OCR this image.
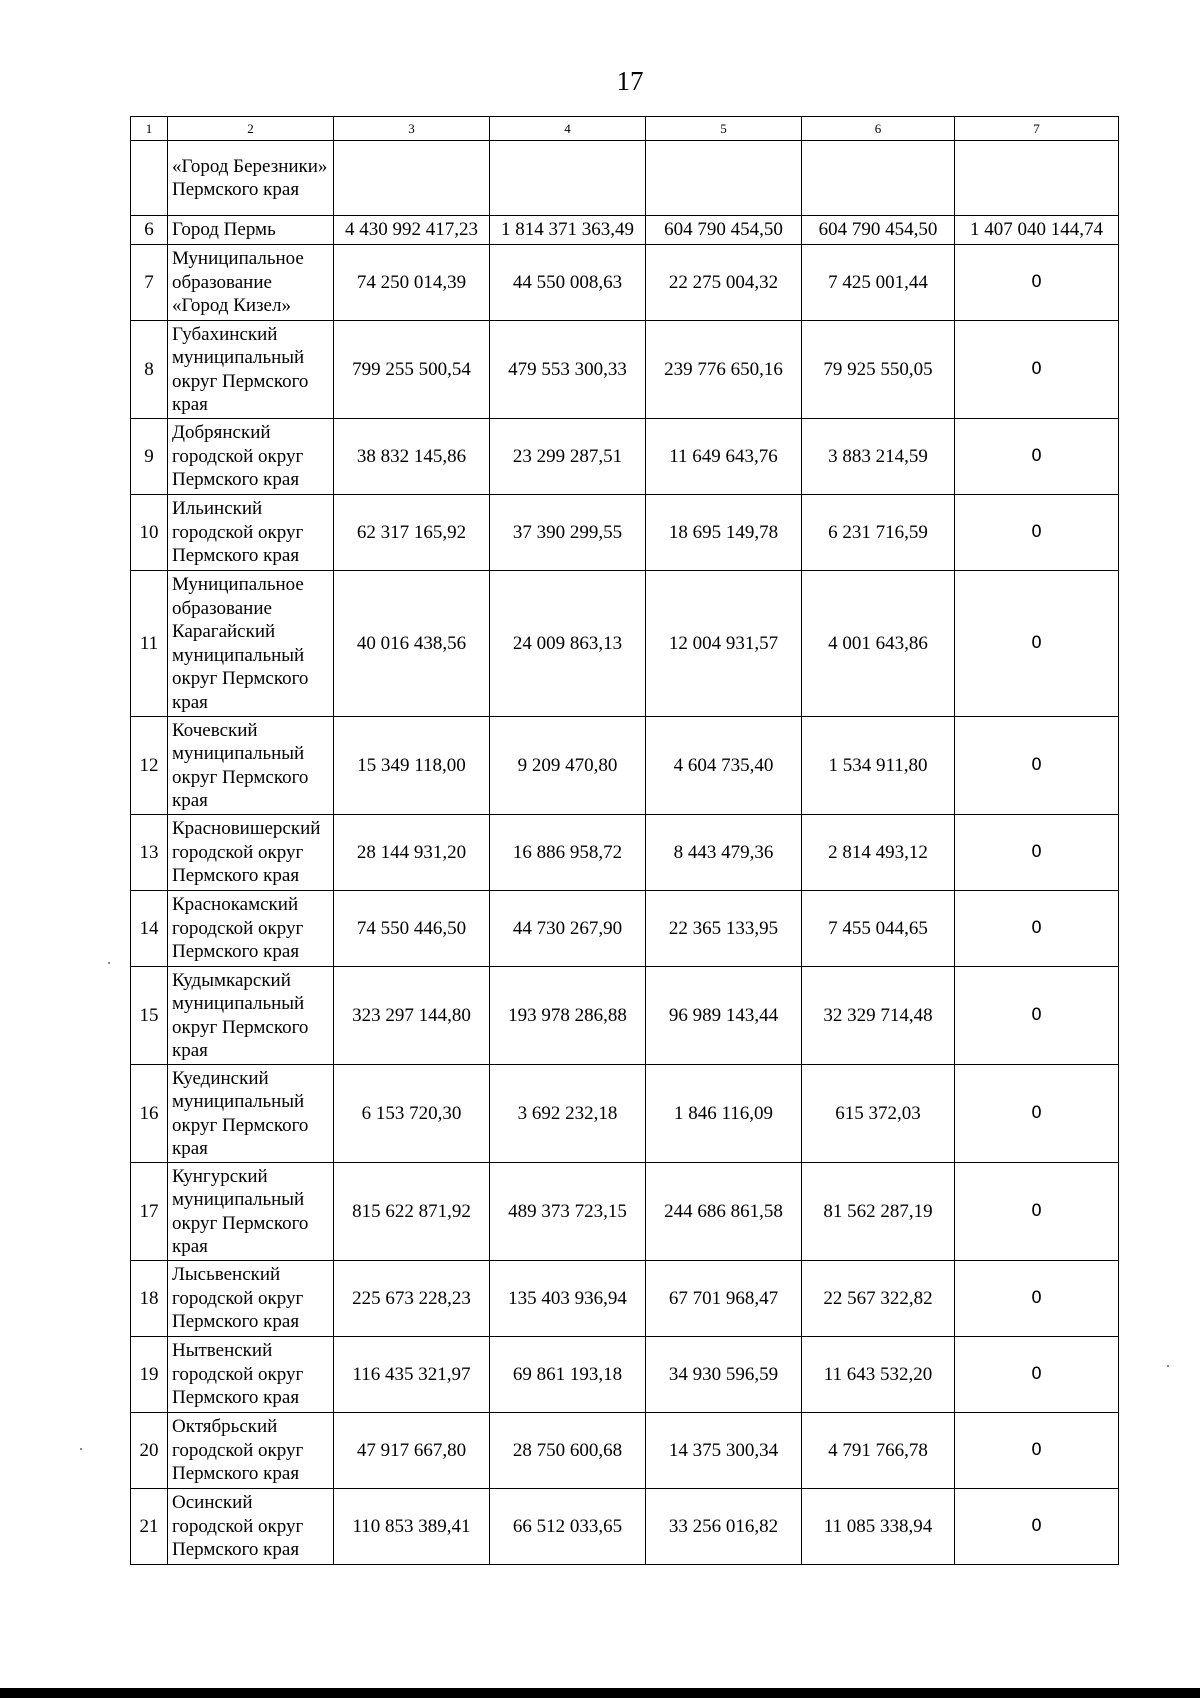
17
1	2	3	4	5	6	7
	«Город Березники» Пермского края					
6	Город Пермь	4 430 992 417,23	1 814 371 363,49	604 790 454,50	604 790 454,50	1 407 040 144,74
7	Муниципальное образование «Город Кизел»	74 250 014,39	44 550 008,63	22 275 004,32	7 425 001,44	0
8	Губахинский муниципальный округ Пермского края	799 255 500,54	479 553 300,33	239 776 650,16	79 925 550,05	0
9	Добрянский городской округ Пермского края	38 832 145,86	23 299 287,51	11 649 643,76	3 883 214,59	0
10	Ильинский городской округ Пермского края	62 317 165,92	37 390 299,55	18 695 149,78	6 231 716,59	0
11	Муниципальное образование Карагайский муниципальный округ Пермского края	40 016 438,56	24 009 863,13	12 004 931,57	4 001 643,86	0
12	Кочевский муниципальный округ Пермского края	15 349 118,00	9 209 470,80	4 604 735,40	1 534 911,80	0
13	Красновишерский городской округ Пермского края	28 144 931,20	16 886 958,72	8 443 479,36	2 814 493,12	0
14	Краснокамский городской округ Пермского края	74 550 446,50	44 730 267,90	22 365 133,95	7 455 044,65	0
15	Кудымкарский муниципальный округ Пермского края	323 297 144,80	193 978 286,88	96 989 143,44	32 329 714,48	0
16	Куединский муниципальный округ Пермского края	6 153 720,30	3 692 232,18	1 846 116,09	615 372,03	0
17	Кунгурский муниципальный округ Пермского края	815 622 871,92	489 373 723,15	244 686 861,58	81 562 287,19	0
18	Лысьвенский городской округ Пермского края	225 673 228,23	135 403 936,94	67 701 968,47	22 567 322,82	0
19	Нытвенский городской округ Пермского края	116 435 321,97	69 861 193,18	34 930 596,59	11 643 532,20	0
20	Октябрьский городской округ Пермского края	47 917 667,80	28 750 600,68	14 375 300,34	4 791 766,78	0
21	Осинский городской округ Пермского края	110 853 389,41	66 512 033,65	33 256 016,82	11 085 338,94	0
